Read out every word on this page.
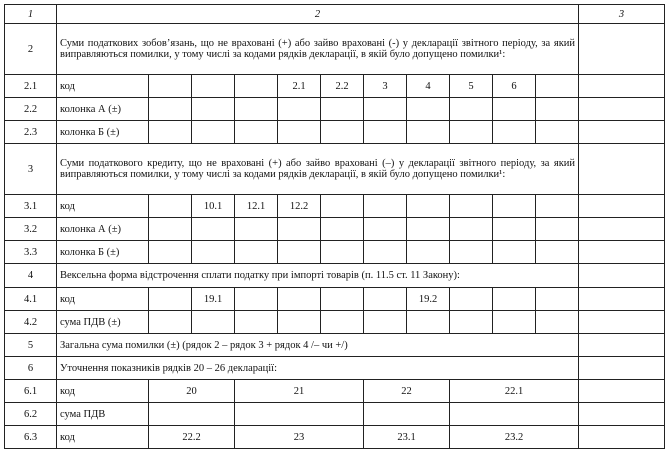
1	2											3
2	Суми податкових зобов’язань, що не враховані (+) або зайво враховані (-) у декларації звітного періоду, за який виправляються помилки, у тому числі за кодами рядків декларації, в якій було допущено помилки¹:											
2.1	код				2.1	2.2	3	4	5	6		
2.2	колонка А (±)											
2.3	колонка Б (±)											
3	Суми податкового кредиту, що не враховані (+) або зайво враховані (–) у декларації звітного періоду, за який виправляються помилки, у тому числі за кодами рядків декларації, в якій було допущено помилки¹:											
3.1	код		10.1	12.1	12.2							
3.2	колонка А (±)											
3.3	колонка Б (±)											
4	Вексельна форма відстрочення сплати податку при імпорті товарів (п. 11.5 ст. 11 Закону):											
4.1	код		19.1					19.2				
4.2	сума ПДВ (±)											
5	Загальна сума помилки (±) (рядок 2 – рядок 3 + рядок 4 /– чи +/)											
6	Уточнення показників рядків 20 – 26 декларації:											
6.1	код	20		21			22		22.1			
6.2	сума ПДВ											
6.3	код	22.2		23			23.1		23.2			
